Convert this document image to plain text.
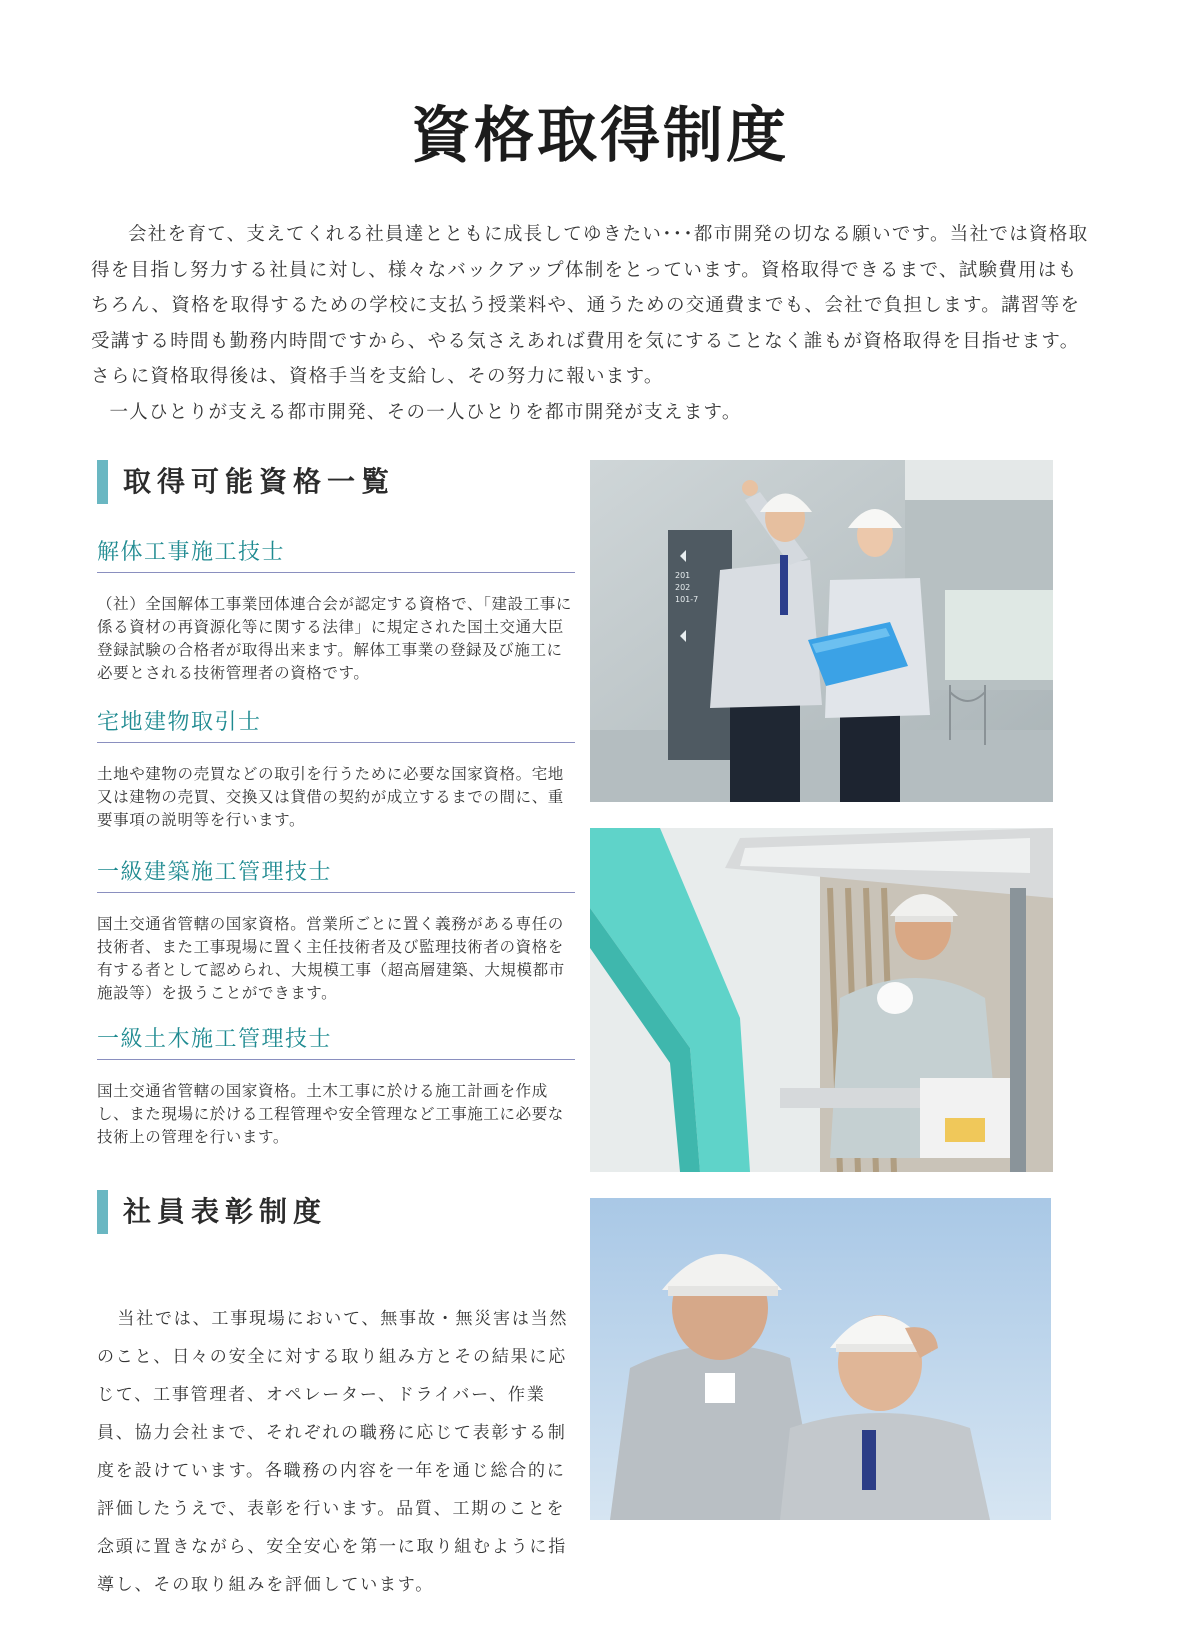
資格取得制度

会社を育て、支えてくれる社員達とともに成長してゆきたい･･･都市開発の切なる願いです。当社では資格取得を目指し努力する社員に対し、様々なバックアップ体制をとっています。資格取得できるまで、試験費用はもちろん、資格を取得するための学校に支払う授業料や、通うための交通費までも、会社で負担します。講習等を受講する時間も勤務内時間ですから、やる気さえあれば費用を気にすることなく誰もが資格取得を目指せます。さらに資格取得後は、資格手当を支給し、その努力に報います。

一人ひとりが支える都市開発、その一人ひとりを都市開発が支えます。

取得可能資格一覧
解体工事施工技士

（社）全国解体工事業団体連合会が認定する資格で、「建設工事に係る資材の再資源化等に関する法律」に規定された国土交通大臣登録試験の合格者が取得出来ます。解体工事業の登録及び施工に必要とされる技術管理者の資格です。

宅地建物取引士

土地や建物の売買などの取引を行うために必要な国家資格。宅地又は建物の売買、交換又は貸借の契約が成立するまでの間に、重要事項の説明等を行います。

一級建築施工管理技士

国土交通省管轄の国家資格。営業所ごとに置く義務がある専任の技術者、また工事現場に置く主任技術者及び監理技術者の資格を有する者として認められ、大規模工事（超高層建築、大規模都市施設等）を扱うことができます。

一級土木施工管理技士

国土交通省管轄の国家資格。土木工事に於ける施工計画を作成し、また現場に於ける工程管理や安全管理など工事施工に必要な技術上の管理を行います。

社員表彰制度

当社では、工事現場において、無事故・無災害は当然のこと、日々の安全に対する取り組み方とその結果に応じて、工事管理者、オペレーター、ドライバー、作業員、協力会社まで、それぞれの職務に応じて表彰する制度を設けています。各職務の内容を一年を通じ総合的に評価したうえで、表彰を行います。品質、工期のことを念頭に置きながら、安全安心を第一に取り組むように指導し、その取り組みを評価しています。

201
202
101-7
